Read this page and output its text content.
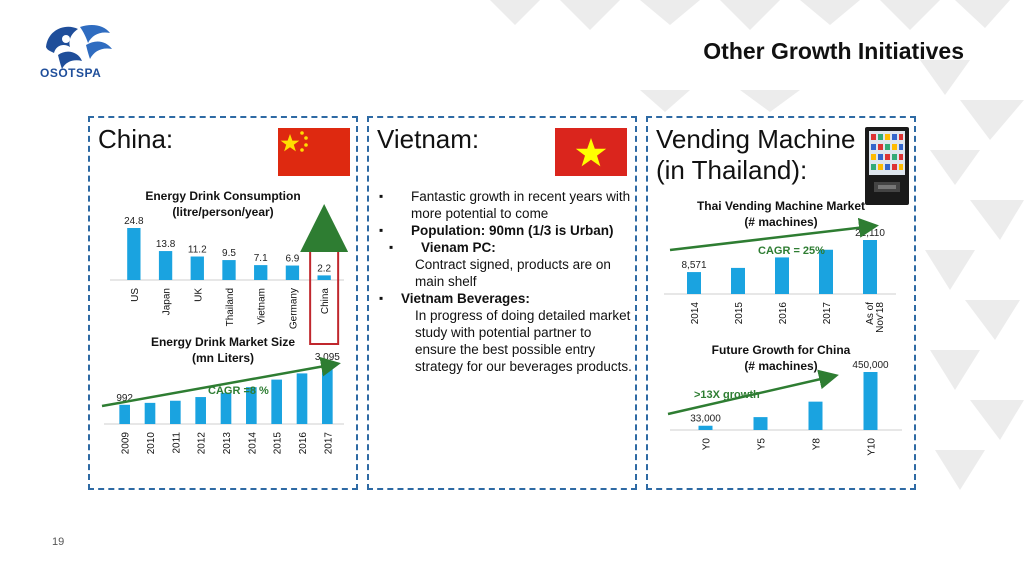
OSOTSPA
Other Growth Initiatives
China:
Energy Drink Consumption
(litre/person/year)
24.8
US
13.8
Japan
11.2
UK
9.5
Thailand
7.1
Vietnam
6.9
Germany
2.2
China
Energy Drink Market Size
(mn Liters)
992
2009 2010 2011 2012 2013 2014 2015 2016
3,095
2017
CAGR =8 %
Vietnam:
▪ Fantastic growth in recent years with more potential to come
▪ Population: 90mn (1/3 is Urban)
▪ Vienam PC:
Contract signed, products are on main shelf
▪ Vietnam Beverages:
In progress of doing detailed market study with potential partner to ensure the best possible entry strategy for our beverages products.
Vending Machine
(in Thailand):
Thai Vending Machine Market
(# machines)
8,571
2014	2015	2016	2017
21,110
As of Nov'18
CAGR = 25%
Future Growth for China
(# machines)
33,000
Y0	Y5	Y8
450,000
Y10
>13X growth
19
